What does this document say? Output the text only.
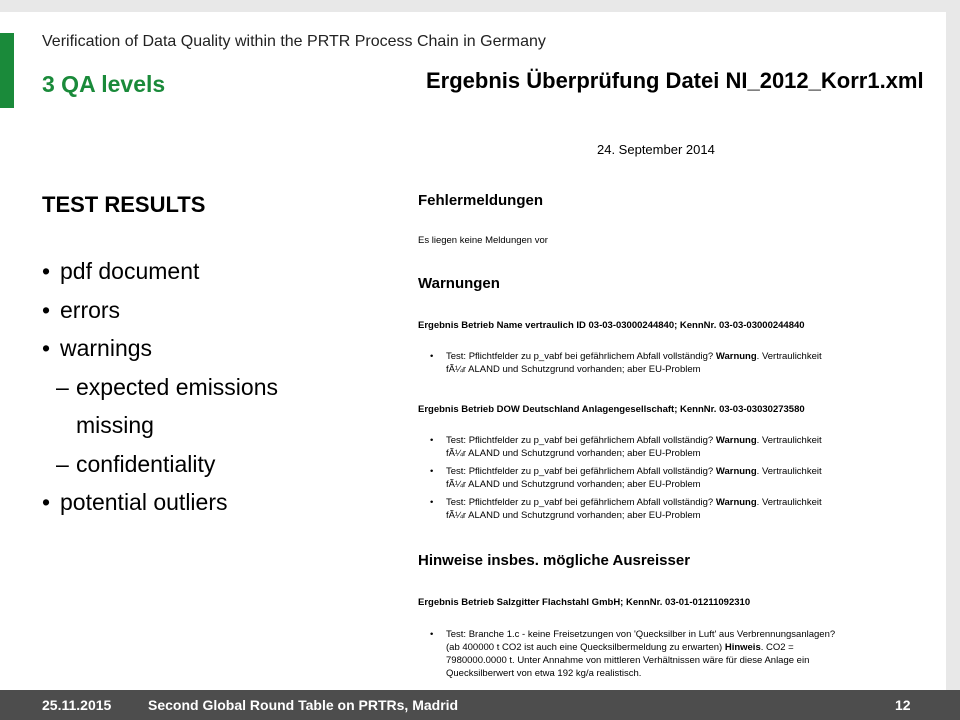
Verification of Data Quality within the PRTR Process Chain in Germany
3 QA levels
TEST RESULTS
• pdf document
• errors
• warnings
– expected emissions
missing
– confidentiality
• potential outliers
Ergebnis Überprüfung Datei NI_2012_Korr1.xml
24. September 2014
Fehlermeldungen
Es liegen keine Meldungen vor
Warnungen
Ergebnis Betrieb Name vertraulich ID 03-03-03000244840; KennNr. 03-03-03000244840
• Test: Pflichtfelder zu p_vabf bei gefährlichem Abfall vollständig? Warnung. Vertraulichkeit
fÃ¼r ALAND und Schutzgrund vorhanden; aber EU-Problem
Ergebnis Betrieb DOW Deutschland Anlagengesellschaft; KennNr. 03-03-03030273580
• Test: Pflichtfelder zu p_vabf bei gefährlichem Abfall vollständig? Warnung. Vertraulichkeit
fÃ¼r ALAND und Schutzgrund vorhanden; aber EU-Problem
• Test: Pflichtfelder zu p_vabf bei gefährlichem Abfall vollständig? Warnung. Vertraulichkeit
fÃ¼r ALAND und Schutzgrund vorhanden; aber EU-Problem
• Test: Pflichtfelder zu p_vabf bei gefährlichem Abfall vollständig? Warnung. Vertraulichkeit
fÃ¼r ALAND und Schutzgrund vorhanden; aber EU-Problem
Hinweise insbes. mögliche Ausreisser
Ergebnis Betrieb Salzgitter Flachstahl GmbH; KennNr. 03-01-01211092310
• Test: Branche 1.c - keine Freisetzungen von 'Quecksilber in Luft' aus Verbrennungsanlagen?
(ab 400000 t CO2 ist auch eine Quecksilbermeldung zu erwarten) Hinweis. CO2 =
7980000.0000 t. Unter Annahme von mittleren Verhältnissen wäre für diese Anlage ein
Quecksilberwert von etwa 192 kg/a realistisch.
25.11.2015	Second Global Round Table on PRTRs, Madrid	12
